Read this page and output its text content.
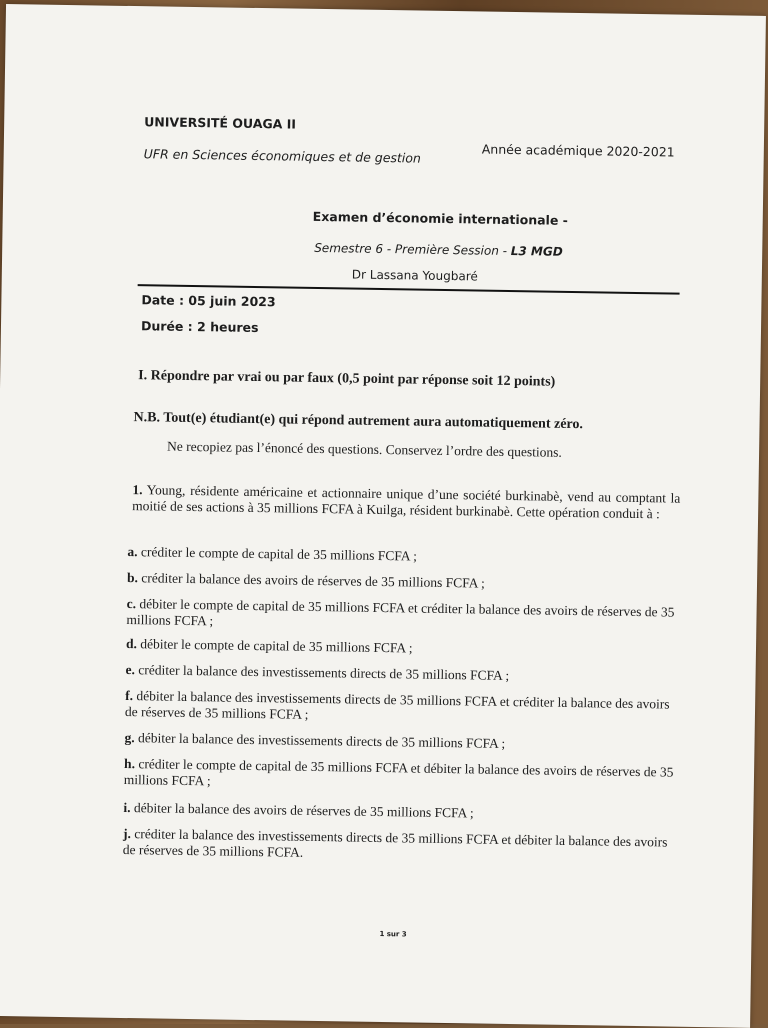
UNIVERSITÉ OUAGA II
UFR en Sciences économiques et de gestion	Année académique 2020-2021
Examen d’économie internationale -
Semestre 6 - Première Session - L3 MGD
Dr Lassana Yougbaré
Date : 05 juin 2023
Durée : 2 heures
I. Répondre par vrai ou par faux (0,5 point par réponse soit 12 points)
N.B. Tout(e) étudiant(e) qui répond autrement aura automatiquement zéro.
Ne recopiez pas l’énoncé des questions. Conservez l’ordre des questions.
1. Young, résidente américaine et actionnaire unique d’une société burkinabè, vend au comptant la moitié de ses actions à 35 millions FCFA à Kuilga, résident burkinabè. Cette opération conduit à :
a. créditer le compte de capital de 35 millions FCFA ;
b. créditer la balance des avoirs de réserves de 35 millions FCFA ;
c. débiter le compte de capital de 35 millions FCFA et créditer la balance des avoirs de réserves de 35 millions FCFA ;
d. débiter le compte de capital de 35 millions FCFA ;
e. créditer la balance des investissements directs de 35 millions FCFA ;
f. débiter la balance des investissements directs de 35 millions FCFA et créditer la balance des avoirs de réserves de 35 millions FCFA ;
g. débiter la balance des investissements directs de 35 millions FCFA ;
h. créditer le compte de capital de 35 millions FCFA et débiter la balance des avoirs de réserves de 35 millions FCFA ;
i. débiter la balance des avoirs de réserves de 35 millions FCFA ;
j. créditer la balance des investissements directs de 35 millions FCFA et débiter la balance des avoirs de réserves de 35 millions FCFA.
1 sur 3
